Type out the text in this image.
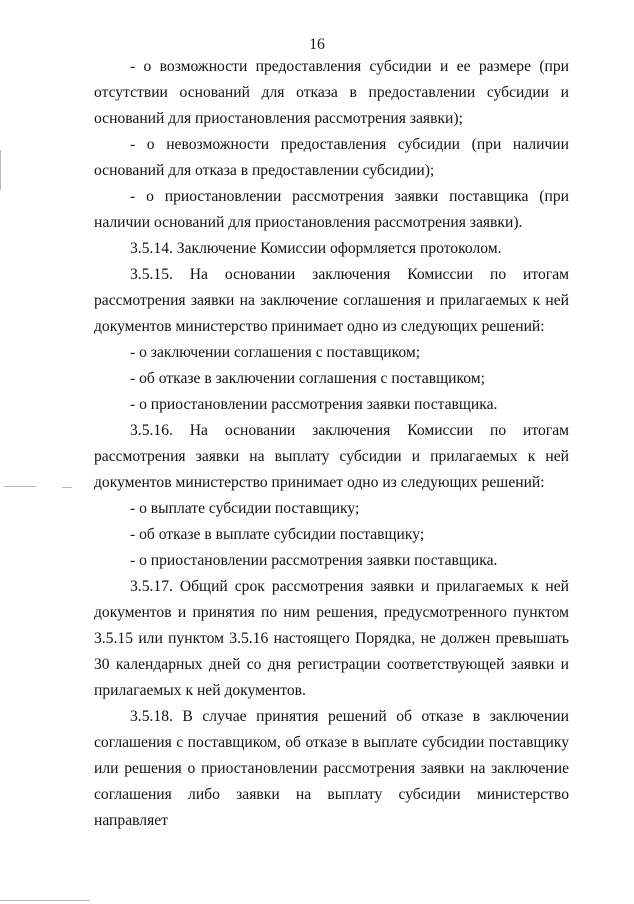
16

- о возможности предоставления субсидии и ее размере (при отсутствии оснований для отказа в предоставлении субсидии и оснований для приостановления рассмотрения заявки);

- о невозможности предоставления субсидии (при наличии оснований для отказа в предоставлении субсидии);

- о приостановлении рассмотрения заявки поставщика (при наличии оснований для приостановления рассмотрения заявки).

3.5.14. Заключение Комиссии оформляется протоколом.

3.5.15. На основании заключения Комиссии по итогам рассмотрения заявки на заключение соглашения и прилагаемых к ней документов министерство принимает одно из следующих решений:

- о заключении соглашения с поставщиком;

- об отказе в заключении соглашения с поставщиком;

- о приостановлении рассмотрения заявки поставщика.

3.5.16. На основании заключения Комиссии по итогам рассмотрения заявки на выплату субсидии и прилагаемых к ней документов министерство принимает одно из следующих решений:

- о выплате субсидии поставщику;

- об отказе в выплате субсидии поставщику;

- о приостановлении рассмотрения заявки поставщика.

3.5.17. Общий срок рассмотрения заявки и прилагаемых к ней документов и принятия по ним решения, предусмотренного пунктом 3.5.15 или пунктом 3.5.16 настоящего Порядка, не должен превышать 30 календарных дней со дня регистрации соответствующей заявки и прилагаемых к ней документов.

3.5.18. В случае принятия решений об отказе в заключении соглашения с поставщиком, об отказе в выплате субсидии поставщику или решения о приостановлении рассмотрения заявки на заключение соглашения либо заявки на выплату субсидии министерство направляет
